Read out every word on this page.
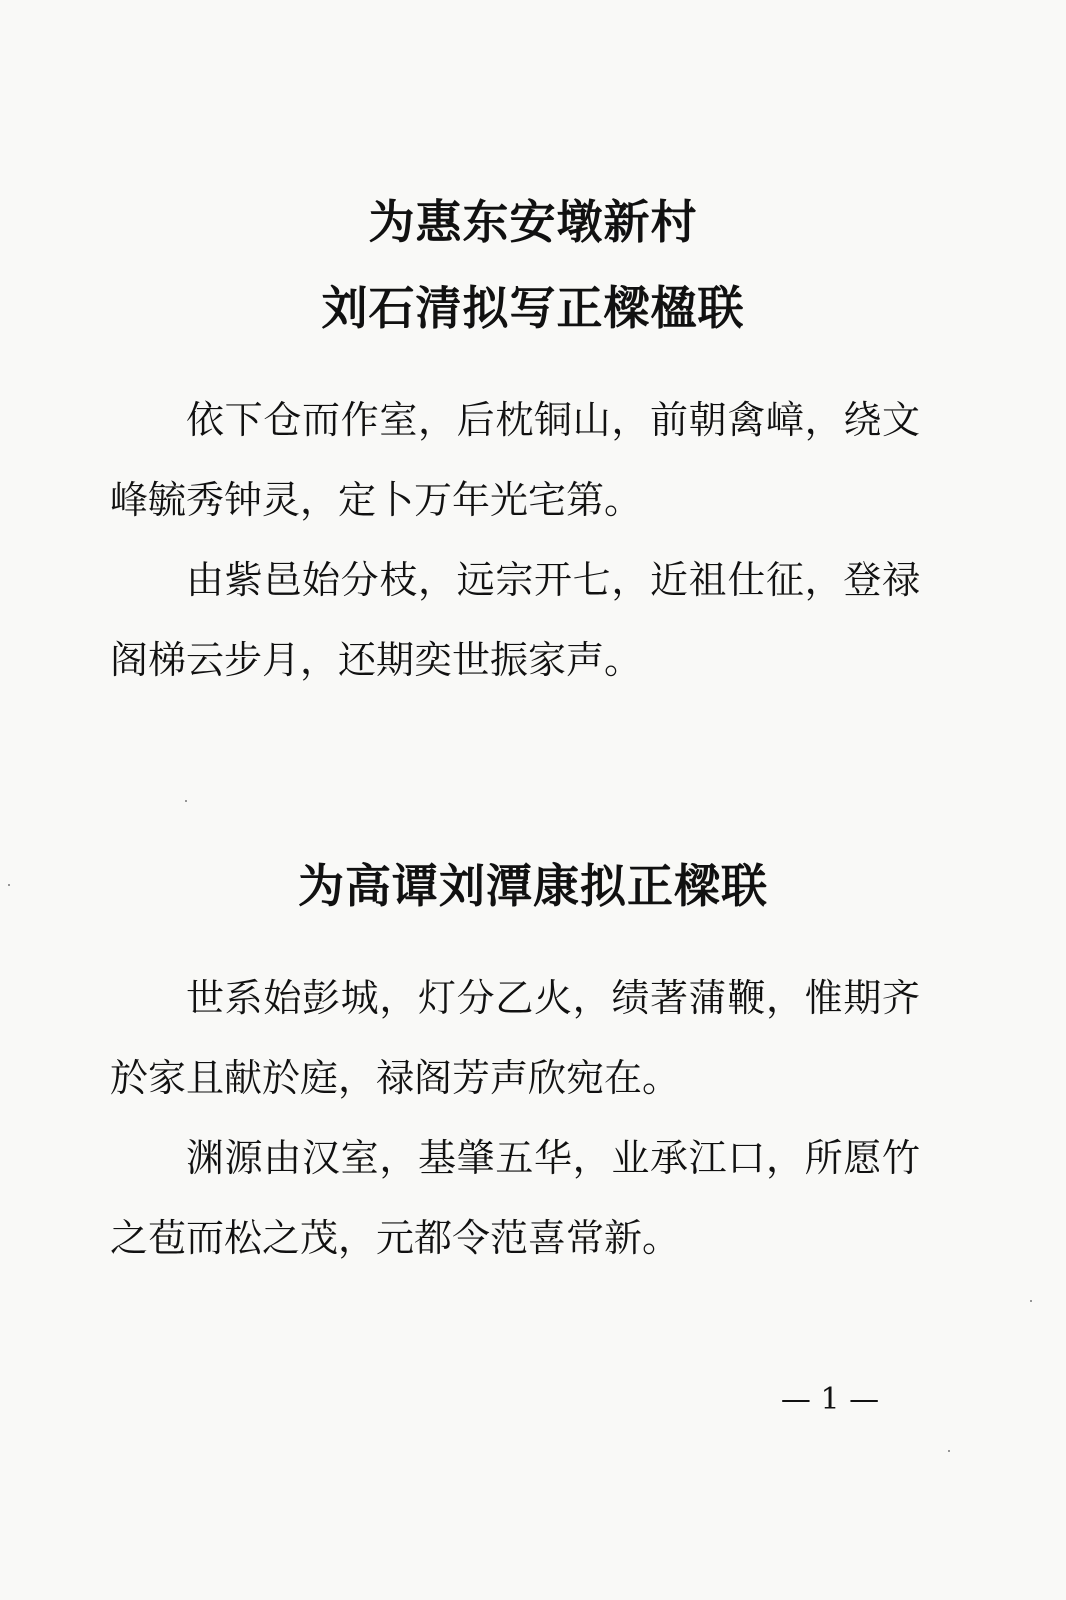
为惠东安墩新村
刘石清拟写正樑楹联

依下仓而作室，后枕铜山，前朝禽嶂，绕文峰毓秀钟灵，定卜万年光宅第。

由紫邑始分枝，远宗开七，近祖仕征，登禄阁梯云步月，还期奕世振家声。

为高谭刘潭康拟正樑联

世系始彭城，灯分乙火，绩著蒲鞭，惟期齐於家且献於庭，禄阁芳声欣宛在。

渊源由汉室，基肇五华，业承江口，所愿竹之苞而松之茂，元都令范喜常新。

— 1 —
